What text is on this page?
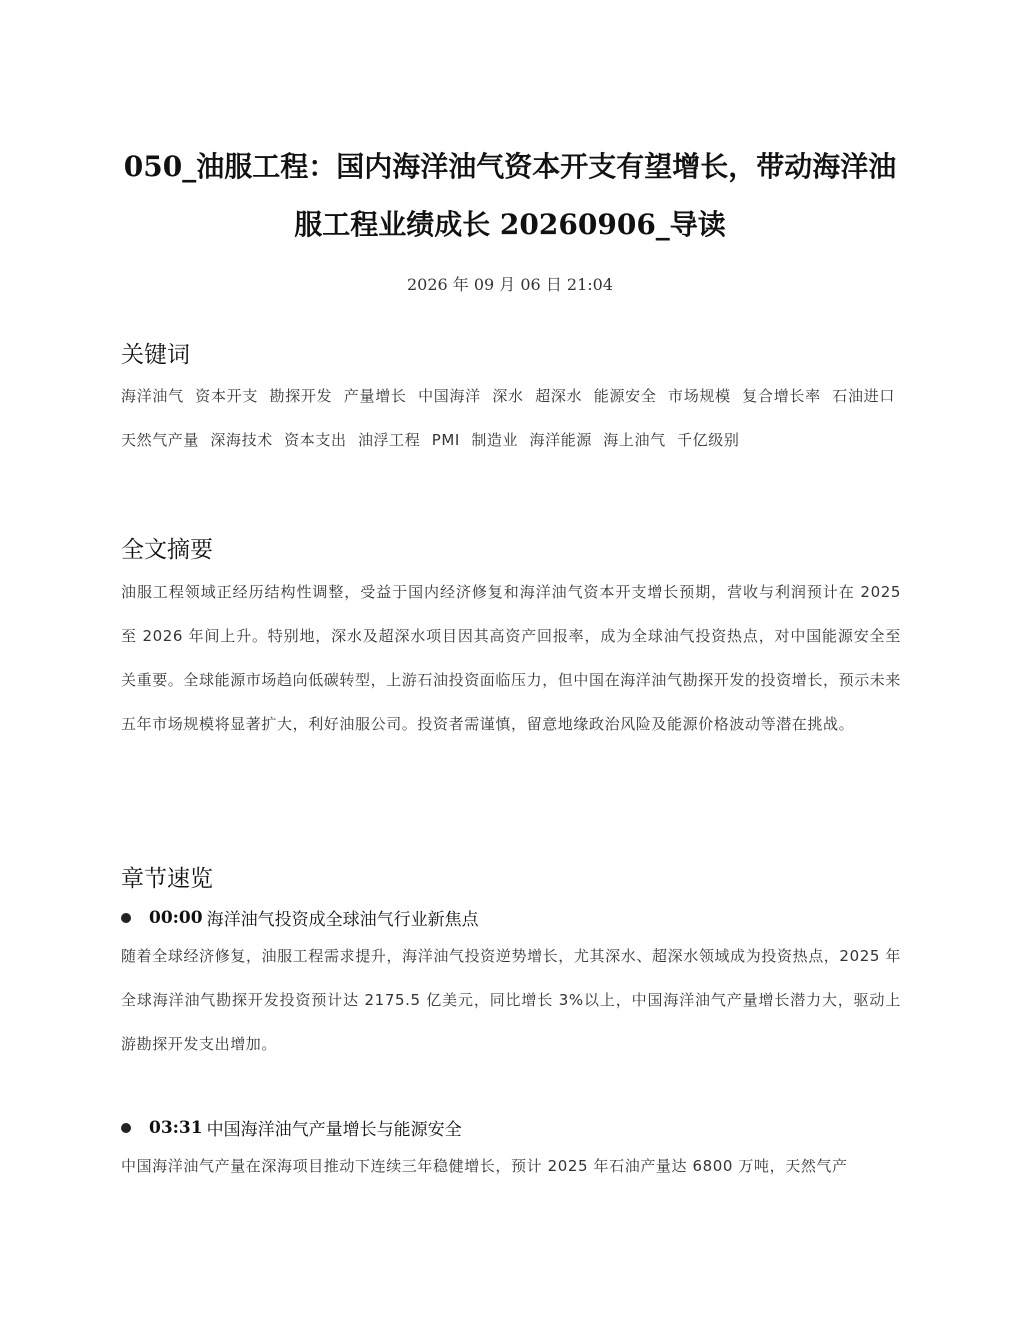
050_油服工程：国内海洋油气资本开支有望增长，带动海洋油服工程业绩成长 20260906_导读
2026 年 09 月 06 日 21:04
关键词
海洋油气 资本开支 勘探开发 产量增长 中国海洋 深水 超深水 能源安全 市场规模 复合增长率 石油进口 天然气产量 深海技术 资本支出 油浮工程 PMI 制造业 海洋能源 海上油气 千亿级别
全文摘要

油服工程领域正经历结构性调整，受益于国内经济修复和海洋油气资本开支增长预期，营收与利润预计在 2025 至 2026 年间上升。特别地，深水及超深水项目因其高资产回报率，成为全球油气投资热点，对中国能源安全至关重要。全球能源市场趋向低碳转型，上游石油投资面临压力，但中国在海洋油气勘探开发的投资增长，预示未来五年市场规模将显著扩大，利好油服公司。投资者需谨慎，留意地缘政治风险及能源价格波动等潜在挑战。

章节速览
00:00 海洋油气投资成全球油气行业新焦点

随着全球经济修复，油服工程需求提升，海洋油气投资逆势增长，尤其深水、超深水领域成为投资热点，2025 年全球海洋油气勘探开发投资预计达 2175.5 亿美元，同比增长 3%以上，中国海洋油气产量增长潜力大，驱动上游勘探开发支出增加。

03:31 中国海洋油气产量增长与能源安全

中国海洋油气产量在深海项目推动下连续三年稳健增长，预计 2025 年石油产量达 6800 万吨，天然气产
